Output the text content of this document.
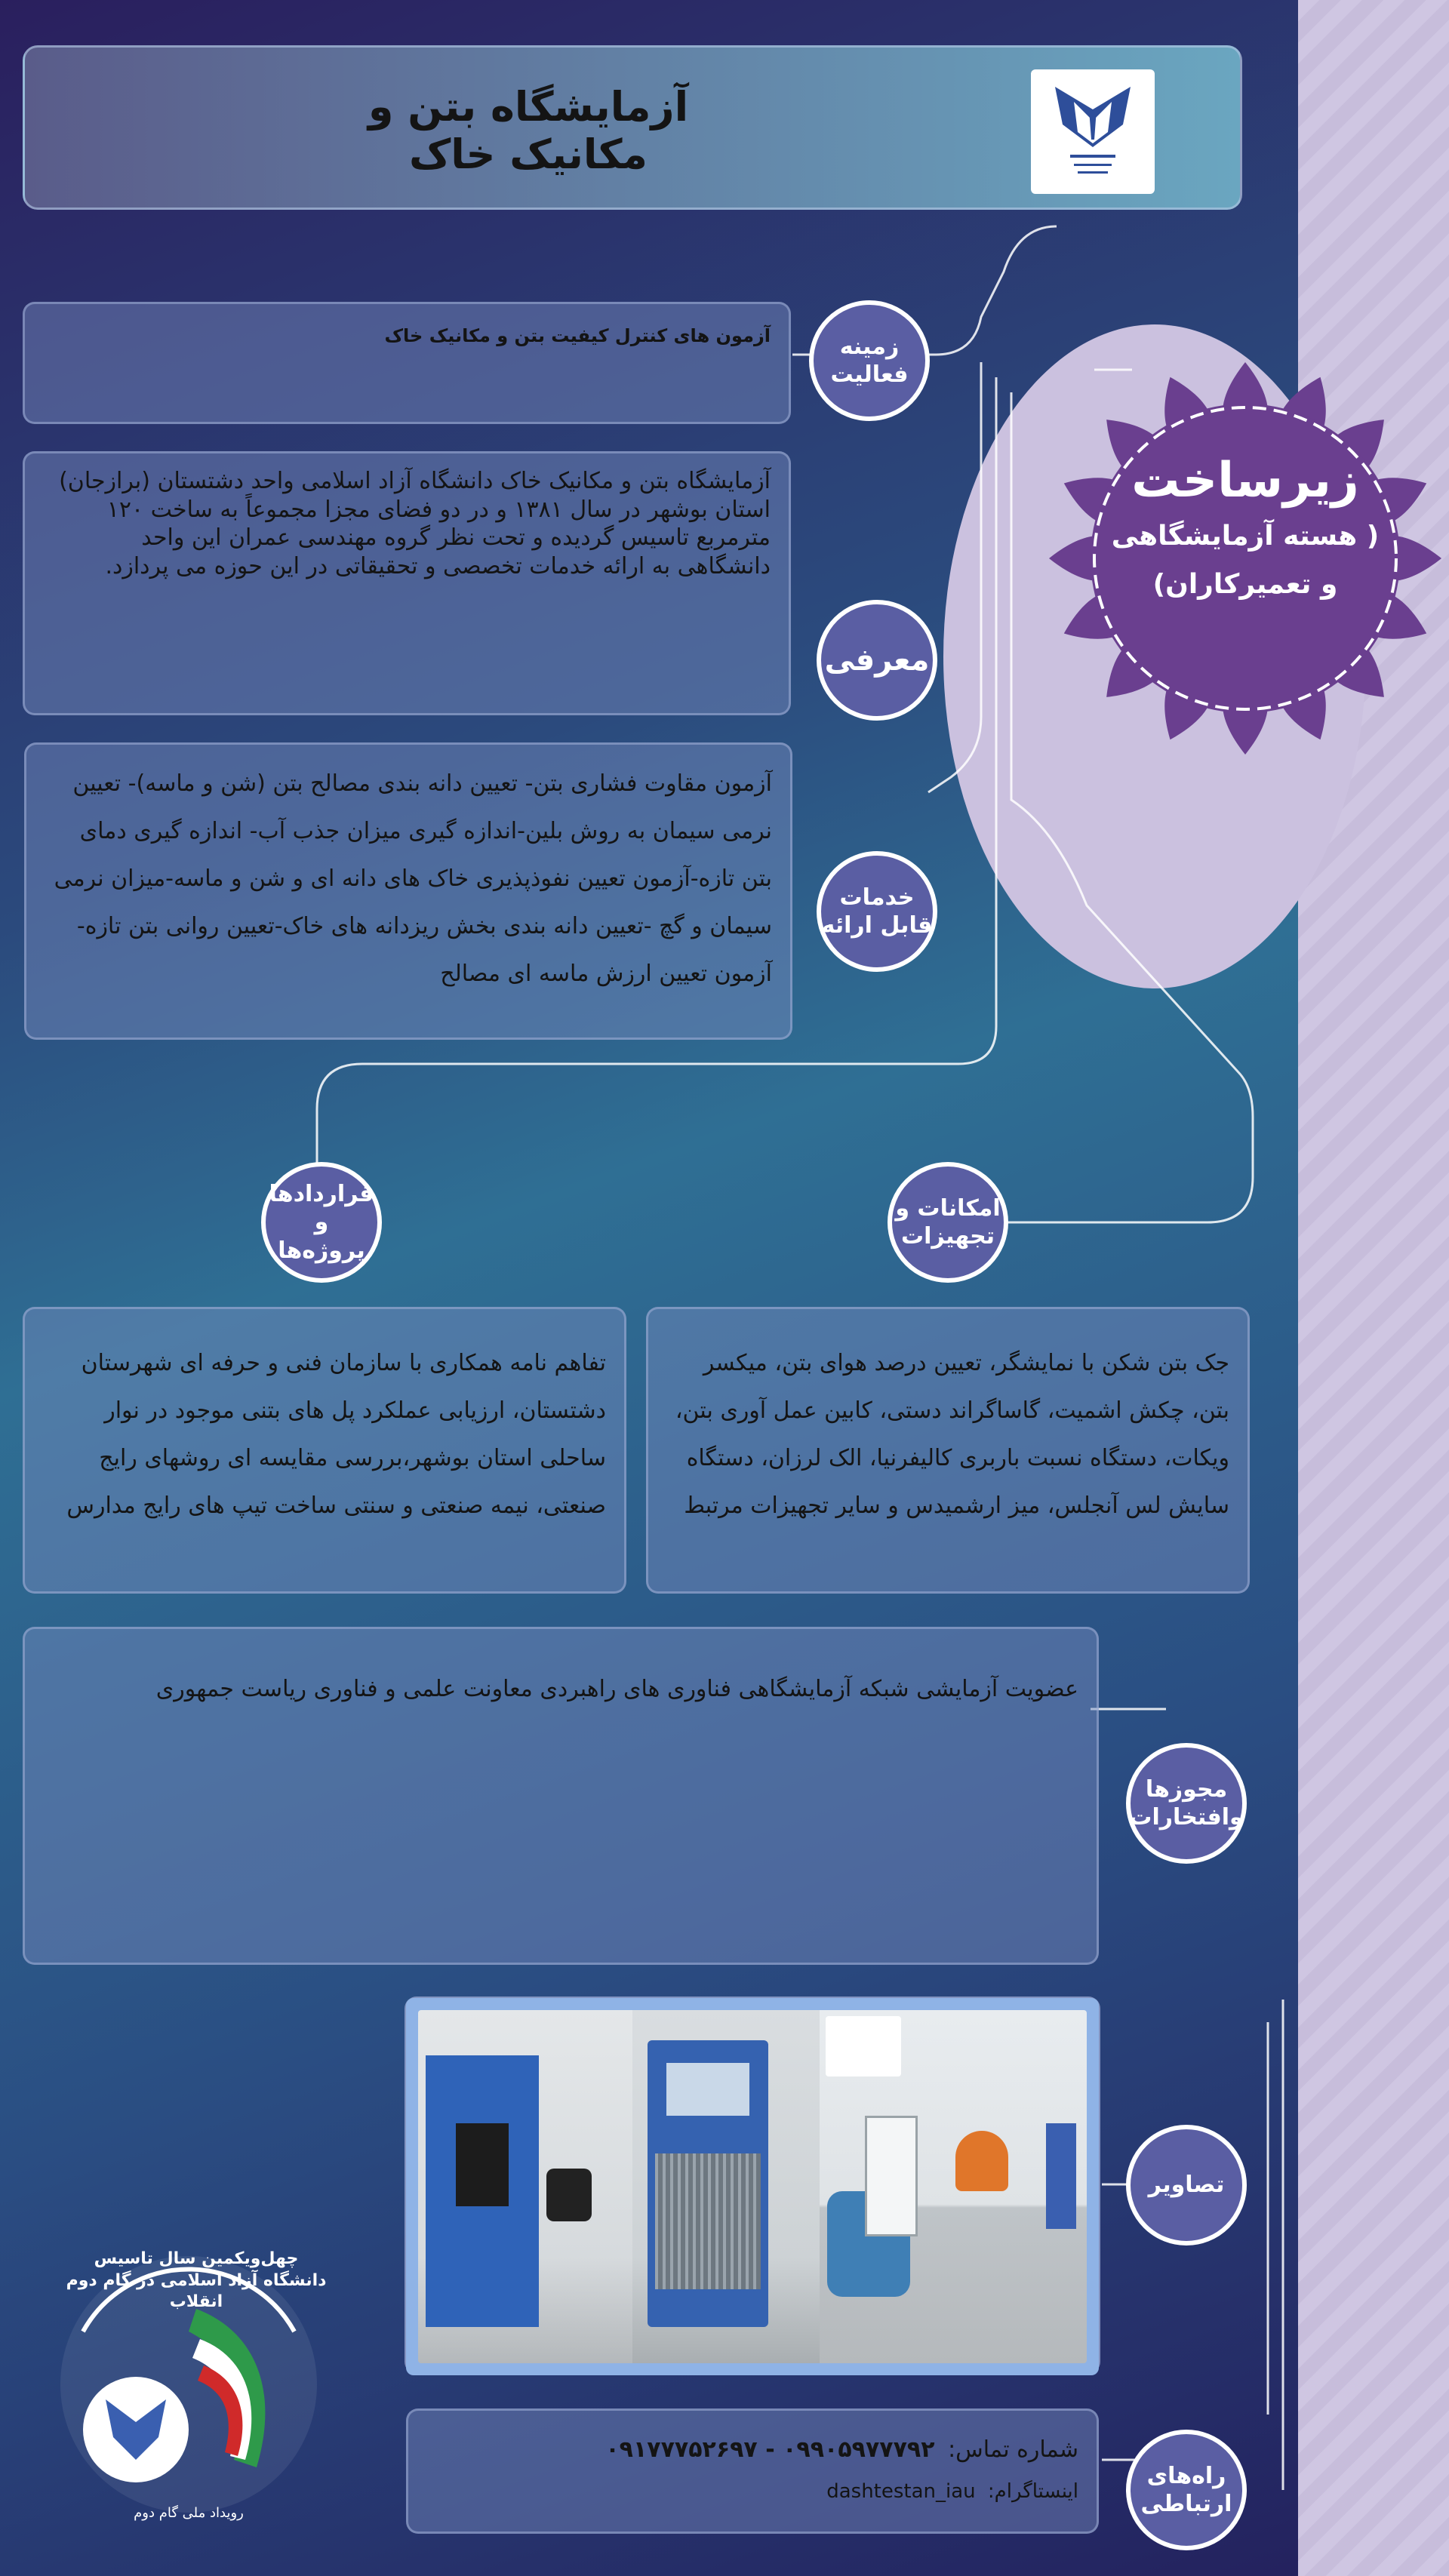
آزمایشگاه بتن و مکانیک خاک
زیرساخت
( هسته آزمایشگاهی
و تعمیرکاران)
آزمون های کنترل کیفیت بتن و مکانیک خاک	زمینه
فعالیت
آزمایشگاه بتن و مکانیک خاک دانشگاه آزاد اسلامی واحد دشتستان (برازجان) استان بوشهر در سال ۱۳۸۱ و در دو فضای مجزا مجموعاً به ساخت ۱۲۰ مترمربع تاسیس گردیده و تحت نظر گروه مهندسی عمران این واحد دانشگاهی به ارائه خدمات تخصصی و تحقیقاتی در این حوزه می پردازد.
معرفی
آزمون مقاوت فشاری بتن- تعیین دانه بندی مصالح بتن (شن و ماسه)- تعیین نرمی سیمان به روش بلین-اندازه گیری میزان جذب آب- اندازه گیری دمای بتن تازه-آزمون تعیین نفوذپذیری خاک های دانه ای و شن و ماسه-میزان نرمی سیمان و گچ -تعیین دانه بندی بخش ریزدانه های خاک-تعیین روانی بتن تازه-آزمون تعیین ارزش ماسه ای مصالح
خدمات
قابل ارائه
امکانات و
تجهیزات
قراردادها و
پروژه‌ها
جک بتن شکن با نمایشگر، تعیین درصد هوای بتن، میکسر بتن، چکش اشمیت، گاساگراند دستی، کابین عمل آوری بتن، ویکات، دستگاه نسبت باربری کالیفرنیا، الک لرزان، دستگاه سایش لس آنجلس، میز ارشمیدس و سایر تجهیزات مرتبط
تفاهم نامه همکاری با سازمان فنی و حرفه ای شهرستان دشتستان، ارزیابی عملکرد پل های بتنی موجود در نوار ساحلی استان بوشهر،بررسی مقایسه ای روشهای رایج صنعتی، نیمه صنعتی و سنتی ساخت تیپ های رایج مدارس
عضویت آزمایشی شبکه آزمایشگاهی فناوری های راهبردی معاونت علمی و فناوری ریاست جمهوری
مجوزها
وافتخارات
تصاویر
شماره تماس: ۰۹۹۰۵۹۷۷۷۹۲ - ۰۹۱۷۷۷۵۲۶۹۷
اینستاگرام: dashtestan_iau
راه‌های
ارتباطی
چهل‌ویکمین سال تاسیس دانشگاه آزاد اسلامی در گام دوم انقلاب
رویداد ملی گام دوم
